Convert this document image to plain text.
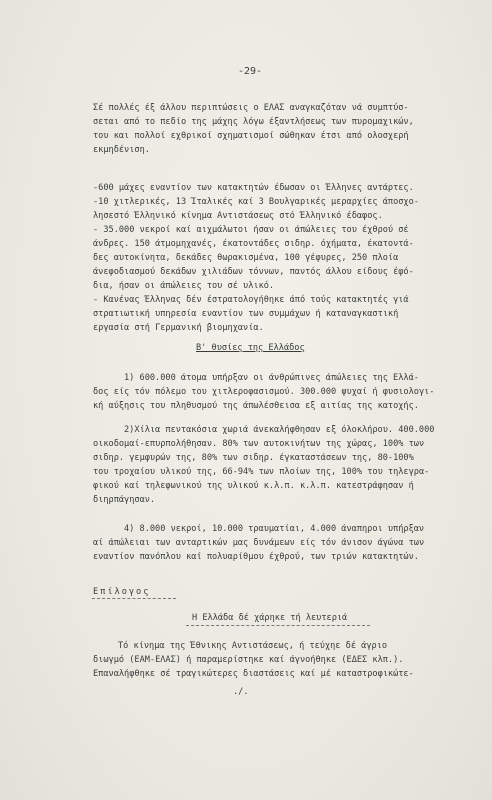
-29-
Σέ πολλές έξ άλλου περιπτώσεις ο ΕΛΑΣ αναγκαζόταν νά συμπτύσ-
σεται από το πεδίο της μάχης λόγω έξαντλήσεως των πυρομαχικών,
του και πολλοί εχθρικοί σχηματισμοί σώθηκαν έτσι από ολοσχερή
εκμηδένιση.
-600 μάχες εναντίον των κατακτητών έδωσαν οι Έλληνες αντάρτες.
-10 χιτλερικές, 13 Ίταλικές καί 3 Βουλγαρικές μεραρχίες άποσχο-
λησεστό Έλληνικό κίνημα Αντιστάσεως στό Έλληνικό έδαφος.
- 35.000 νεκροί καί αιχμάλωτοι ήσαν οι άπώλειες του έχθρού σέ
άνδρες. 150 άτμομηχανές, έκατοντάδες σιδηρ. όχήματα, έκατοντά-
δες αυτοκίνητα, δεκάδες θωρακισμένα, 100 γέφυρες, 250 πλοία
άνεφοδιασμού δεκάδων χιλιάδων τόννων, παντός άλλου είδους έφό-
δια, ήσαν οι άπώλειες του σέ υλικό.
- Κανένας Έλληνας δέν έστρατολογήθηκε άπό τούς κατακτητές γιά
στρατιωτική υπηρεσία εναντίον των συμμάχων ή καταναγκαστική
εργασία στή Γερμανική βιομηχανία.
Β' θυσίες της Ελλάδος
1) 600.000 άτομα υπήρξαν οι άνθρώπινες άπώλειες της Ελλά-
δος είς τόν πόλεμο του χιτλεροφασισμού. 300.000 ψυχαί ή φυσιολογι-
κή αύξησις του πληθυσμού της άπωλέσθεισα εξ αιτίας της κατοχής.
2)Χίλια πεντακόσια χωριά άνεκαλήφθησαν εξ όλοκλήρου. 400.000
οικοδομαί-επυρπολήθησαν. 80% των αυτοκινήτων της χώρας, 100% των
σιδηρ. γεμφυρών της, 80% των σιδηρ. έγκαταστάσεων της, 80-100%
του τροχαίου υλικού της, 66-94% των πλοίων της, 100% του τηλεγρα-
φικού καί τηλεφωνικού της υλικού κ.λ.π. κ.λ.π. κατεστράφησαν ή
διηρπάγησαν.
4) 8.000 νεκροί, 10.000 τραυματίαι, 4.000 άναπηροι υπήρξαν
αί άπώλειαι των ανταρτικών μας δυνάμεων είς τόν άνισον άγώνα των
εναντίον πανόπλου καί πολυαρίθμου έχθρού, των τριών κατακτητών.
Επίλογος
Η Ελλάδα δέ χάρηκε τή λευτεριά
Τό κίνημα της Έθνικης Αντιστάσεως, ή τεύχηε δέ άγριο
διωγμό (ΕΑΜ-ΕΛΑΣ) ή παραμερίστηκε καί άγνοήθηκε (ΕΔΕΣ κλπ.).
Επαναλήφθηκε σέ τραγικώτερες διαστάσεις καί μέ καταστροφικώτε-
./.
